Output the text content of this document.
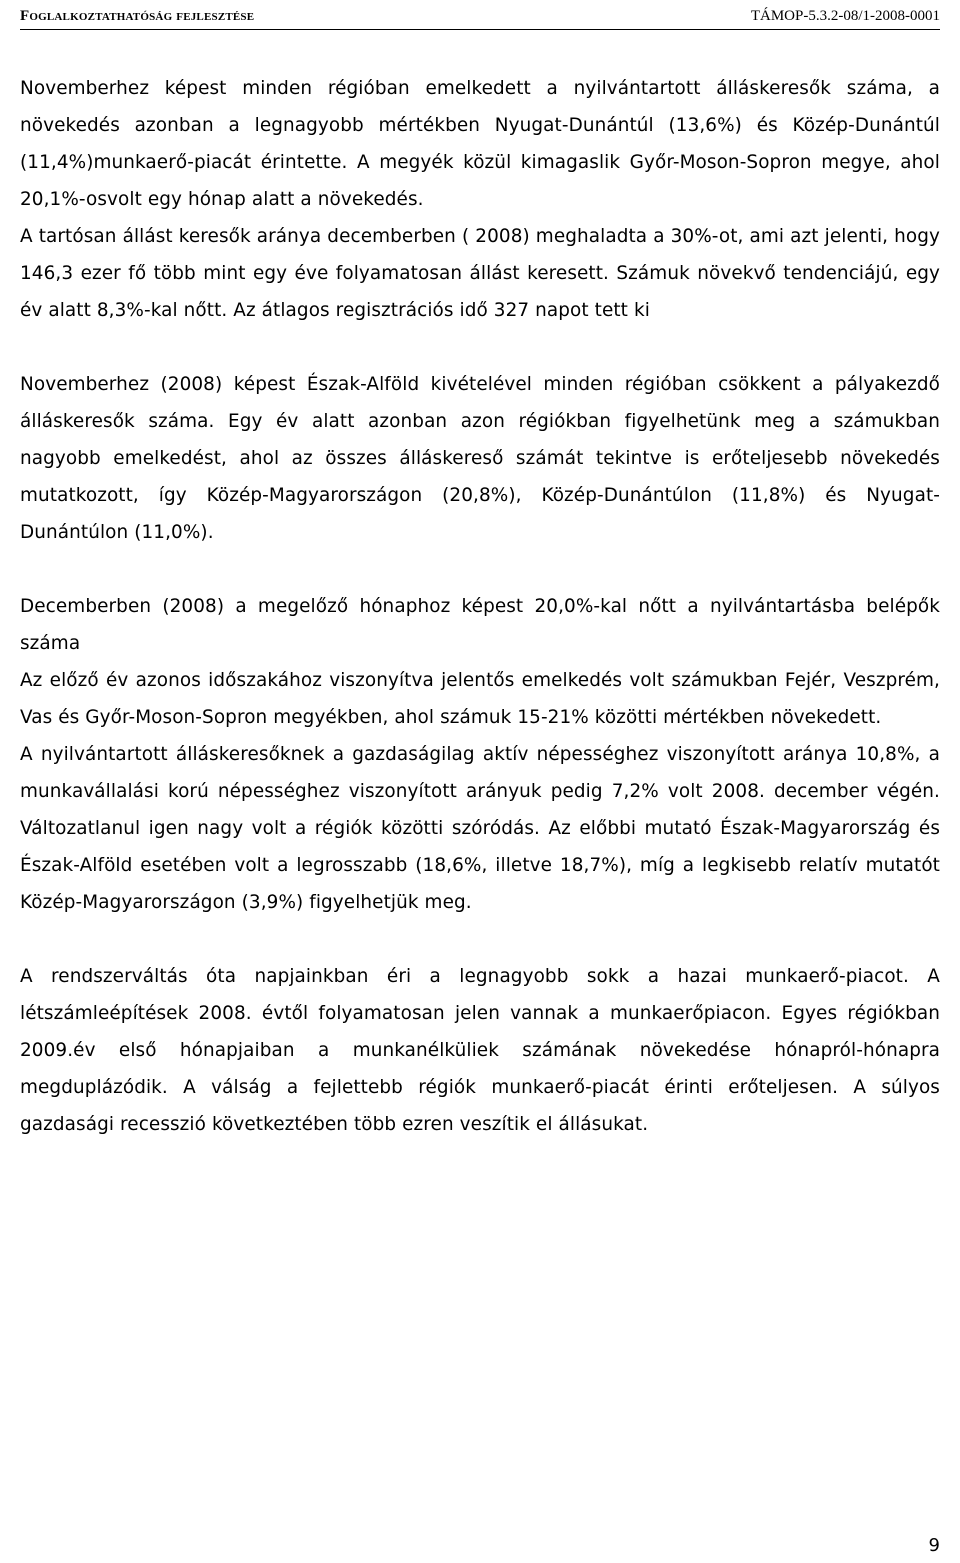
Foglalkoztathatóság fejlesztése	TÁMOP-5.3.2-08/1-2008-0001

Novemberhez képest minden régióban emelkedett a nyilvántartott álláskeresők száma, a növekedés azonban a legnagyobb mértékben Nyugat-Dunántúl (13,6%) és Közép-Dunántúl (11,4%)munkaerő-piacát érintette. A megyék közül kimagaslik Győr-Moson-Sopron megye, ahol 20,1%-osvolt egy hónap alatt a növekedés.

A tartósan állást keresők aránya decemberben ( 2008) meghaladta a 30%-ot, ami azt jelenti, hogy 146,3 ezer fő több mint egy éve folyamatosan állást keresett. Számuk növekvő tendenciájú, egy év alatt 8,3%-kal nőtt. Az átlagos regisztrációs idő 327 napot tett ki

Novemberhez (2008) képest Észak-Alföld kivételével minden régióban csökkent a pályakezdő álláskeresők száma. Egy év alatt azonban azon régiókban figyelhetünk meg a számukban nagyobb emelkedést, ahol az összes álláskereső számát tekintve is erőteljesebb növekedés mutatkozott, így Közép-Magyarországon (20,8%), Közép-Dunántúlon (11,8%) és Nyugat-Dunántúlon (11,0%).

Decemberben (2008) a megelőző hónaphoz képest 20,0%-kal nőtt a nyilvántartásba belépők száma

Az előző év azonos időszakához viszonyítva jelentős emelkedés volt számukban Fejér, Veszprém, Vas és Győr-Moson-Sopron megyékben, ahol számuk 15-21% közötti mértékben növekedett.

A nyilvántartott álláskeresőknek a gazdaságilag aktív népességhez viszonyított aránya 10,8%, a munkavállalási korú népességhez viszonyított arányuk pedig 7,2% volt 2008. december végén. Változatlanul igen nagy volt a régiók közötti szóródás. Az előbbi mutató Észak-Magyarország és Észak-Alföld esetében volt a legrosszabb (18,6%, illetve 18,7%), míg a legkisebb relatív mutatót Közép-Magyarországon (3,9%) figyelhetjük meg.

A rendszerváltás óta napjainkban éri a legnagyobb sokk a hazai munkaerő-piacot. A létszámleépítések 2008. évtől folyamatosan jelen vannak a munkaerőpiacon. Egyes régiókban 2009.év első hónapjaiban a munkanélküliek számának növekedése hónapról-hónapra megduplázódik. A válság a fejlettebb régiók munkaerő-piacát érinti erőteljesen. A súlyos gazdasági recesszió következtében több ezren veszítik el állásukat.

9
